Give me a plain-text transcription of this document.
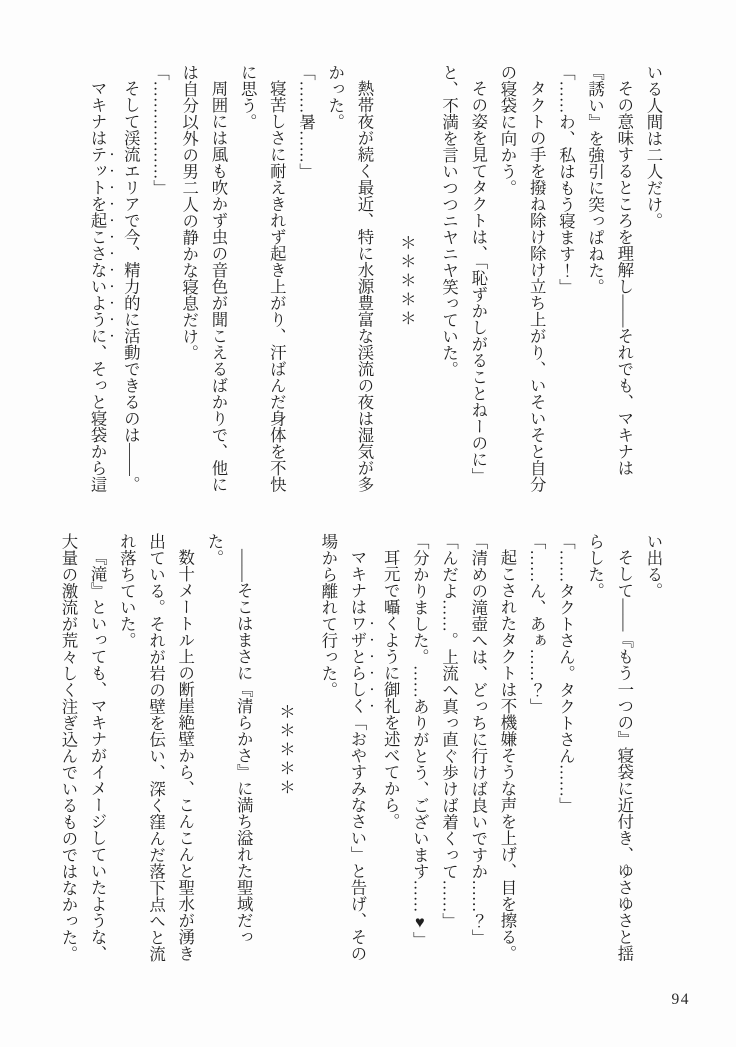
いる人間は二人だけ。

その意味するところを理解し——それでも、マキナは『誘い』を強引に突っぱねた。

「……わ、私はもう寝ます！」

タクトの手を撥ね除け除け立ち上がり、いそいそと自分の寝袋に向かう。

その姿を見てタクトは、「恥ずかしがることねーのに」と、不満を言いつつニヤニヤ笑っていた。

＊＊＊＊＊

熱帯夜が続く最近、特に水源豊富な渓流の夜は湿気が多かった。

「……暑……」

寝苦しさに耐えきれず起き上がり、汗ばんだ身体を不快に思う。

周囲には風も吹かず虫の音色が聞こえるばかりで、他には自分以外の男二人の静かな寝息だけ。

「………………」

そして渓流エリアで今、精力的に活動できるのは——。

マキナはテットを起こさないように、そっと寝袋から這

い出る。

そして——『もう一つの』寝袋に近付き、ゆさゆさと揺らした。

「……タクトさん。タクトさん……」

「……ん、あぁ……？」

起こされたタクトは不機嫌そうな声を上げ、目を擦る。

「清めの滝壺へは、どっちに行けば良いですか……？」

「んだよ……。上流へ真っ直ぐ歩けば着くって……」

「分かりました。……ありがとう、ございます……♥」

耳元で囁くように御礼を述べてから。

マキナはワザとらしく「おやすみなさい」と告げ、その場から離れて行った。

＊＊＊＊＊

——そこはまさに『清らかさ』に満ち溢れた聖域だった。

数十メートル上の断崖絶壁から、こんこんと聖水が湧き出ている。それが岩の壁を伝い、深く窪んだ落下点へと流れ落ちていた。

『滝』といっても、マキナがイメージしていたような、大量の激流が荒々しく注ぎ込んでいるものではなかった。

94
